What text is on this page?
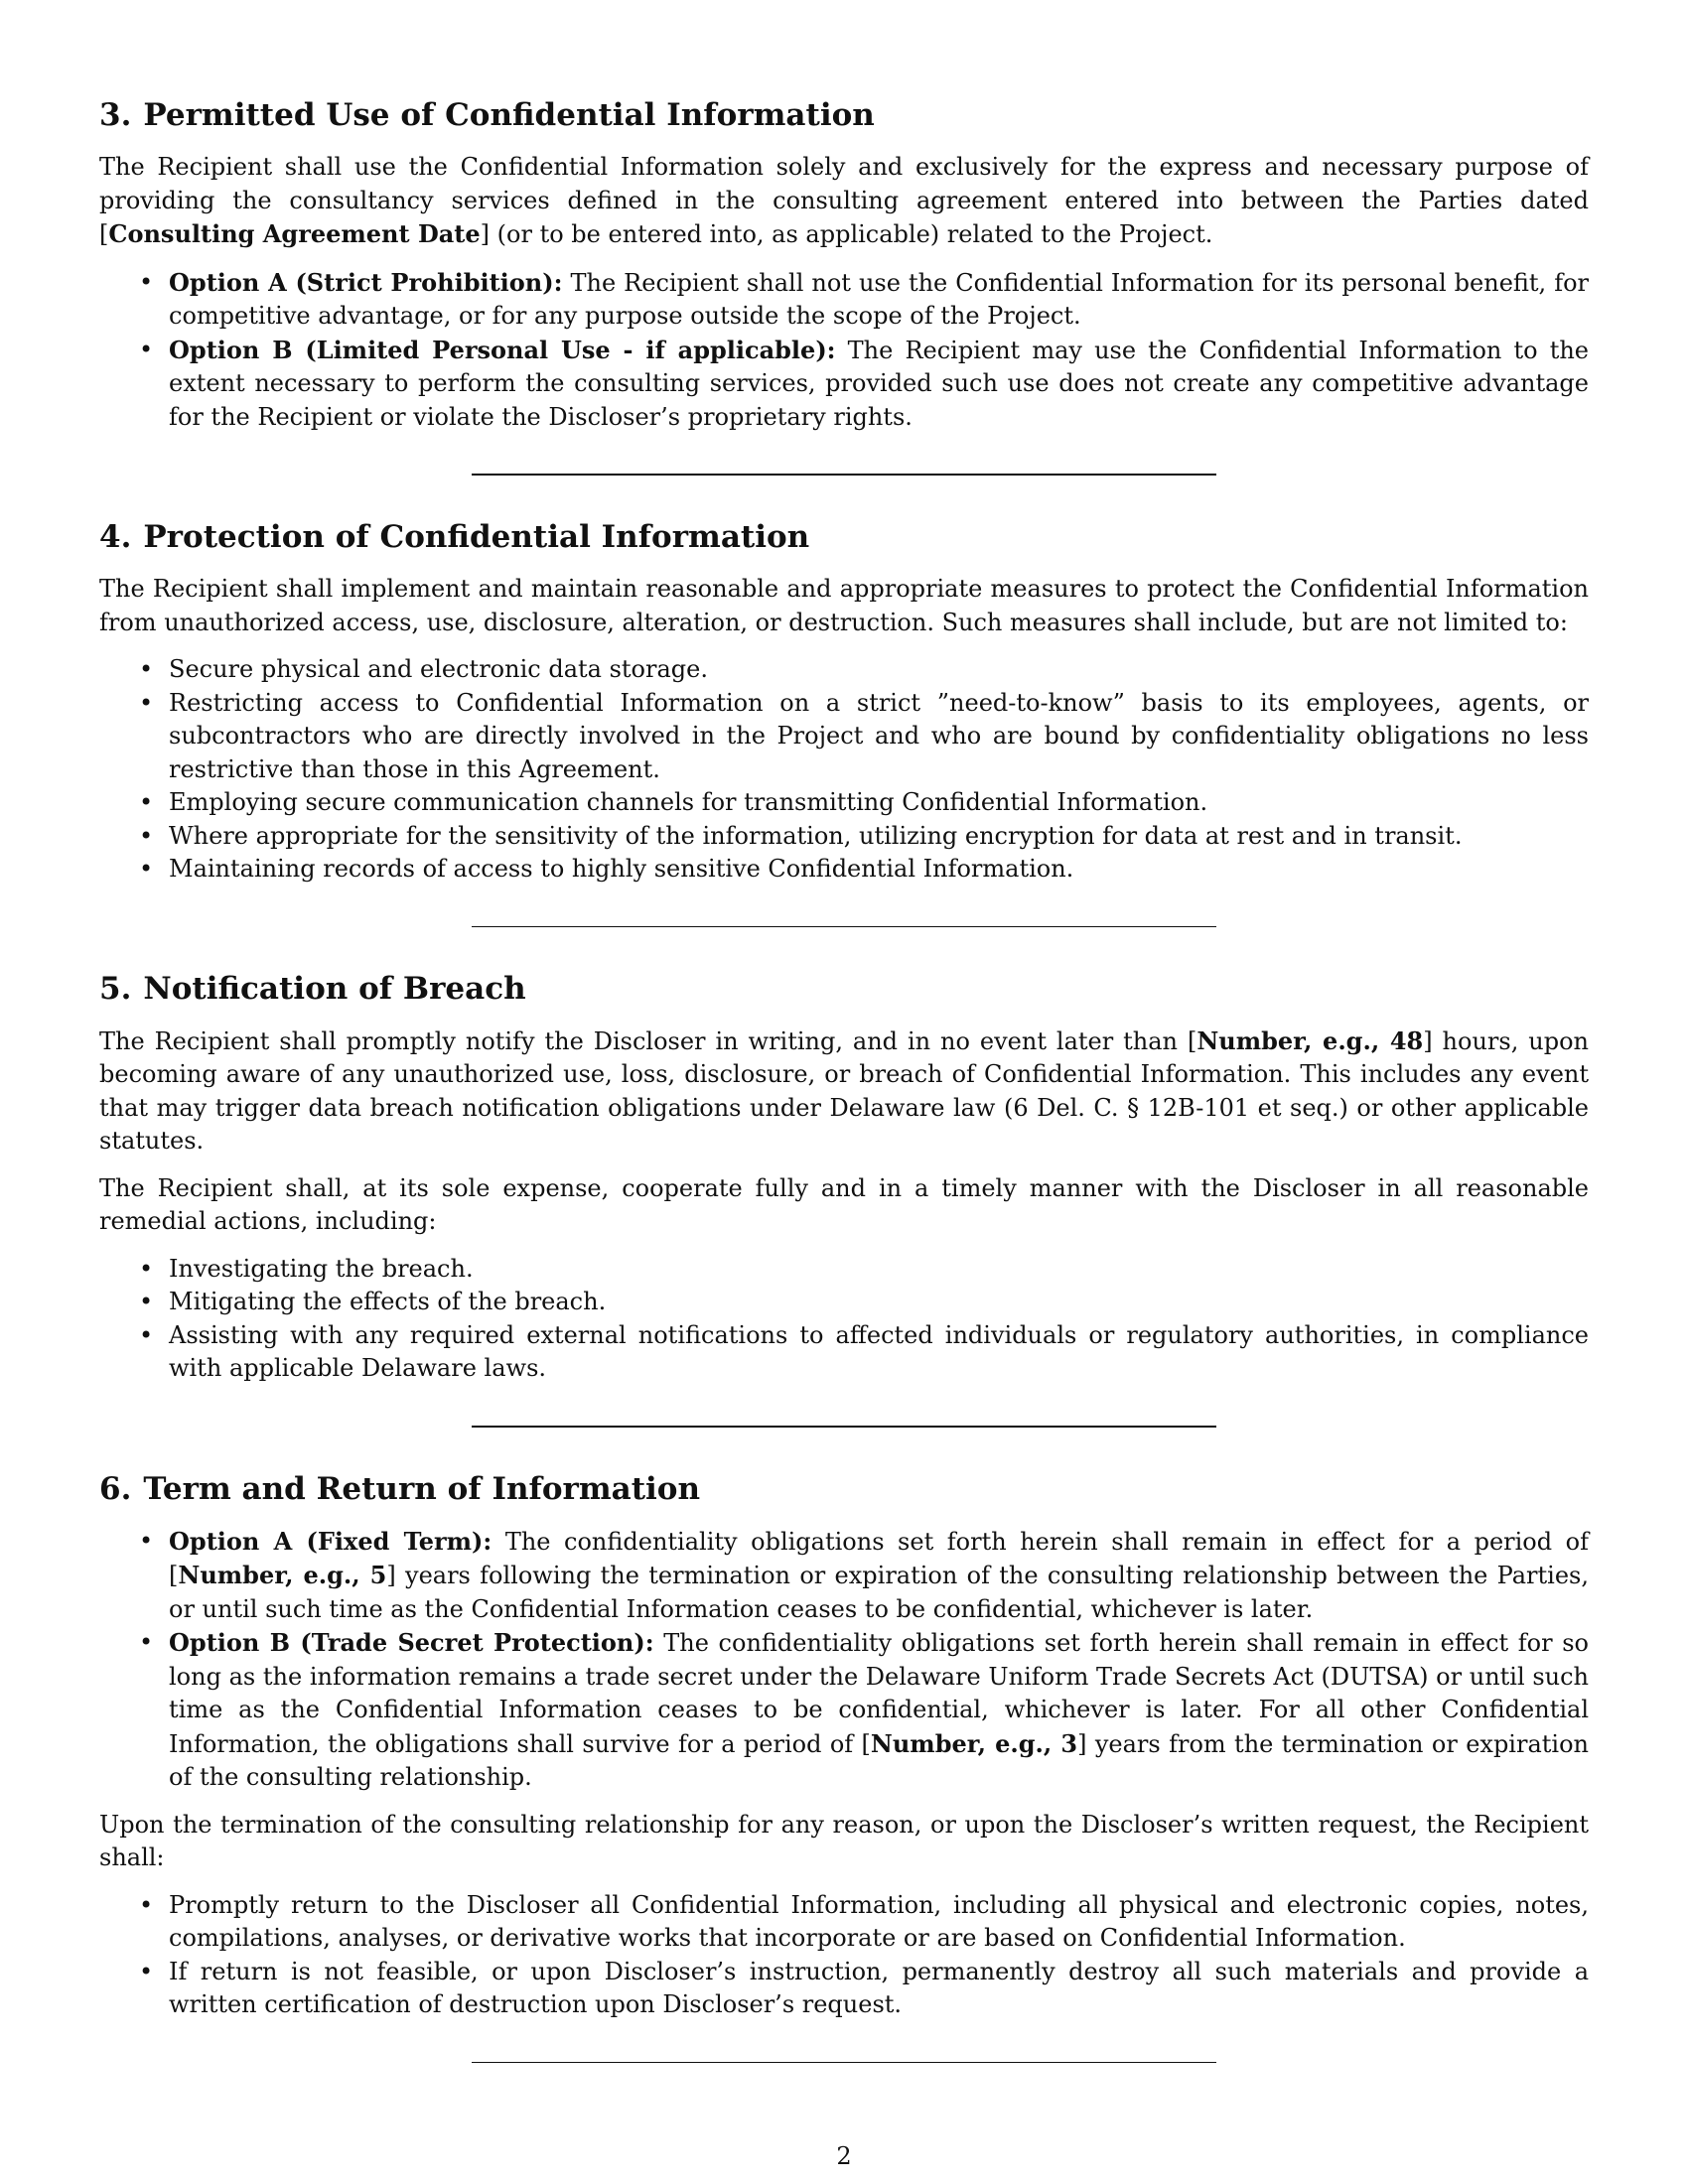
3. Permitted Use of Confidential Information

The Recipient shall use the Confidential Information solely and exclusively for the express and necessary purpose of providing the consultancy services defined in the consulting agreement entered into between the Parties dated [Consulting Agreement Date] (or to be entered into, as applicable) related to the Project.

• Option A (Strict Prohibition): The Recipient shall not use the Confidential Information for its personal benefit, for competitive advantage, or for any purpose outside the scope of the Project.
• Option B (Limited Personal Use - if applicable): The Recipient may use the Confidential Information to the extent necessary to perform the consulting services, provided such use does not create any competitive advantage for the Recipient or violate the Discloser’s proprietary rights.
4. Protection of Confidential Information

The Recipient shall implement and maintain reasonable and appropriate measures to protect the Confidential Information from unauthorized access, use, disclosure, alteration, or destruction. Such measures shall include, but are not limited to:

• Secure physical and electronic data storage.
• Restricting access to Confidential Information on a strict ”need-to-know” basis to its employees, agents, or subcontractors who are directly involved in the Project and who are bound by confidentiality obligations no less restrictive than those in this Agreement.
• Employing secure communication channels for transmitting Confidential Information.
• Where appropriate for the sensitivity of the information, utilizing encryption for data at rest and in transit.
• Maintaining records of access to highly sensitive Confidential Information.
5. Notification of Breach

The Recipient shall promptly notify the Discloser in writing, and in no event later than [Number, e.g., 48] hours, upon becoming aware of any unauthorized use, loss, disclosure, or breach of Confidential Information. This includes any event that may trigger data breach notification obligations under Delaware law (6 Del. C. § 12B-101 et seq.) or other applicable statutes.

The Recipient shall, at its sole expense, cooperate fully and in a timely manner with the Discloser in all reasonable remedial actions, including:

• Investigating the breach.
• Mitigating the effects of the breach.
• Assisting with any required external notifications to affected individuals or regulatory authorities, in compliance with applicable Delaware laws.
6. Term and Return of Information
• Option A (Fixed Term): The confidentiality obligations set forth herein shall remain in effect for a period of [Number, e.g., 5] years following the termination or expiration of the consulting relationship between the Parties, or until such time as the Confidential Information ceases to be confidential, whichever is later.
• Option B (Trade Secret Protection): The confidentiality obligations set forth herein shall remain in effect for so long as the information remains a trade secret under the Delaware Uniform Trade Secrets Act (DUTSA) or until such time as the Confidential Information ceases to be confidential, whichever is later. For all other Confidential Information, the obligations shall survive for a period of [Number, e.g., 3] years from the termination or expiration of the consulting relationship.

Upon the termination of the consulting relationship for any reason, or upon the Discloser’s written request, the Recipient shall:

• Promptly return to the Discloser all Confidential Information, including all physical and electronic copies, notes, compilations, analyses, or derivative works that incorporate or are based on Confidential Information.
• If return is not feasible, or upon Discloser’s instruction, permanently destroy all such materials and provide a written certification of destruction upon Discloser’s request.
2
